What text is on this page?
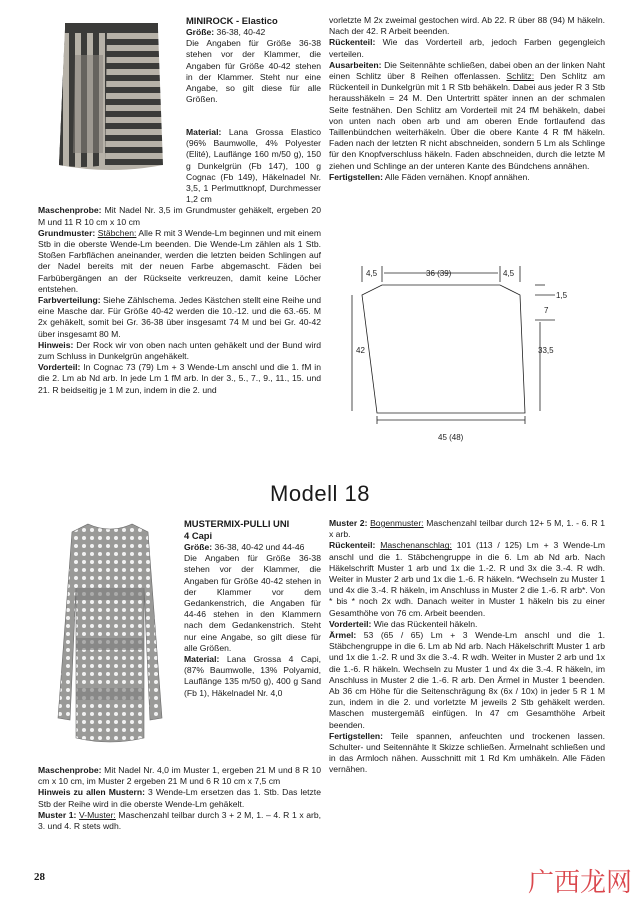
MINIROCK - Elastico

Größe: 36-38, 40-42

Die Angaben für Größe 36-38 stehen vor der Klammer, die Angaben für Größe 40-42 stehen in der Klammer. Steht nur eine Angabe, so gilt diese für alle Größen.

Material: Lana Grossa Elastico (96% Baumwolle, 4% Polyester (Elité), Lauflänge 160 m/50 g), 150 g Dunkelgrün (Fb 147), 100 g Cognac (Fb 149), Häkelnadel Nr. 3,5, 1 Perlmuttknopf, Durchmesser 1,2 cm

Maschenprobe: Mit Nadel Nr. 3,5 im Grundmuster gehäkelt, ergeben 20 M und 11 R 10 cm x 10 cm

Grundmuster: Stäbchen: Alle R mit 3 Wende-Lm beginnen und mit einem Stb in die oberste Wende-Lm beenden. Die Wende-Lm zählen als 1 Stb. Stoßen Farbflächen aneinander, werden die letzten beiden Schlingen auf der Nadel bereits mit der neuen Farbe abgemascht. Fäden bei Farbübergängen an der Rückseite verkreuzen, damit keine Löcher entstehen.

Farbverteilung: Siehe Zählschema. Jedes Kästchen stellt eine Reihe und eine Masche dar. Für Größe 40-42 werden die 10.-12. und die 63.-65. M 2x gehäkelt, somit bei Gr. 36-38 über insgesamt 74 M und bei Gr. 40-42 über insgesamt 80 M.

Hinweis: Der Rock wir von oben nach unten gehäkelt und der Bund wird zum Schluss in Dunkelgrün angehäkelt.

Vorderteil: In Cognac 73 (79) Lm + 3 Wende-Lm anschl und die 1. fM in die 2. Lm ab Nd arb. In jede Lm 1 fM arb. In der 3., 5., 7., 9., 11., 15. und 21. R beidseitig je 1 M zun, indem in die 2. und

vorletzte M 2x zweimal gestochen wird. Ab 22. R über 88 (94) M häkeln. Nach der 42. R Arbeit beenden.

Rückenteil: Wie das Vorderteil arb, jedoch Farben gegengleich verteilen.

Ausarbeiten: Die Seitennähte schließen, dabei oben an der linken Naht einen Schlitz über 8 Reihen offenlassen. Schlitz: Den Schlitz am Rückenteil in Dunkelgrün mit 1 R Stb behäkeln. Dabei aus jeder R 3 Stb herausshäkeln = 24 M. Den Untertritt später innen an der schmalen Seite festnähen. Den Schlitz am Vorderteil mit 24 fM behäkeln, dabei von unten nach oben arb und am oberen Ende fortlaufend das Taillenbündchen weiterhäkeln. Über die obere Kante 4 R fM häkeln. Faden nach der letzten R nicht abschneiden, sondern 5 Lm als Schlinge für den Knopfverschluss häkeln. Faden abschneiden, durch die letzte M ziehen und Schlinge an der unteren Kante des Bündchens annähen.

Fertigstellen: Alle Fäden vernähen. Knopf annähen.

4,5	36 (39)	4,5
1,5
7
33,5
42
45 (48)
Modell 18

MUSTERMIX-PULLI UNI

4 Capi

Größe: 36-38, 40-42 und 44-46

Die Angaben für Größe 36-38 stehen vor der Klammer, die Angaben für Größe 40-42 stehen in der Klammer vor dem Gedankenstrich, die Angaben für 44-46 stehen in den Klammern nach dem Gedankenstrich. Steht nur eine Angabe, so gilt diese für alle Größen.

Material: Lana Grossa 4 Capi, (87% Baumwolle, 13% Polyamid, Lauflänge 135 m/50 g), 400 g Sand (Fb 1), Häkelnadel Nr. 4,0

Maschenprobe: Mit Nadel Nr. 4,0 im Muster 1, ergeben 21 M und 8 R 10 cm x 10 cm, im Muster 2 ergeben 21 M und 6 R 10 cm x 7,5 cm

Hinweis zu allen Mustern: 3 Wende-Lm ersetzen das 1. Stb. Das letzte Stb der Reihe wird in die oberste Wende-Lm gehäkelt.

Muster 1: V-Muster: Maschenzahl teilbar durch 3 + 2 M, 1. – 4. R 1 x arb, 3. und 4. R stets wdh.

Muster 2: Bogenmuster: Maschenzahl teilbar durch 12+ 5 M, 1. - 6. R 1 x arb.

Rückenteil: Maschenanschlag: 101 (113 / 125) Lm + 3 Wende-Lm anschl und die 1. Stäbchengruppe in die 6. Lm ab Nd arb. Nach Häkelschrift Muster 1 arb und 1x die 1.-2. R und 3x die 3.-4. R wdh. Weiter in Muster 2 arb und 1x die 1.-6. R häkeln. *Wechseln zu Muster 1 und 4x die 3.-4. R häkeln, im Anschluss in Muster 2 die 1.-6. R arb*. Von * bis * noch 2x wdh. Danach weiter in Muster 1 häkeln bis zu einer Gesamthöhe von 76 cm. Arbeit beenden.

Vorderteil: Wie das Rückenteil häkeln.

Ärmel: 53 (65 / 65) Lm + 3 Wende-Lm anschl und die 1. Stäbchengruppe in die 6. Lm ab Nd arb. Nach Häkelschrift Muster 1 arb und 1x die 1.-2. R und 3x die 3.-4. R wdh. Weiter in Muster 2 arb und 1x die 1.-6. R häkeln. Wechseln zu Muster 1 und 4x die 3.-4. R häkeln, im Anschluss in Muster 2 die 1.-6. R arb. Den Ärmel in Muster 1 beenden. Ab 36 cm Höhe für die Seitenschrägung 8x (6x / 10x) in jeder 5 R 1 M zun, indem in die 2. und vorletzte M jeweils 2 Stb gehäkelt werden. Maschen mustergemäß einfügen. In 47 cm Gesamthöhe Arbeit beenden.

Fertigstellen: Teile spannen, anfeuchten und trockenen lassen. Schulter- und Seitennähte lt Skizze schließen. Ärmelnaht schließen und in das Armloch nähen. Ausschnitt mit 1 Rd Km umhäkeln. Alle Fäden vernähen.

28	广西龙网
